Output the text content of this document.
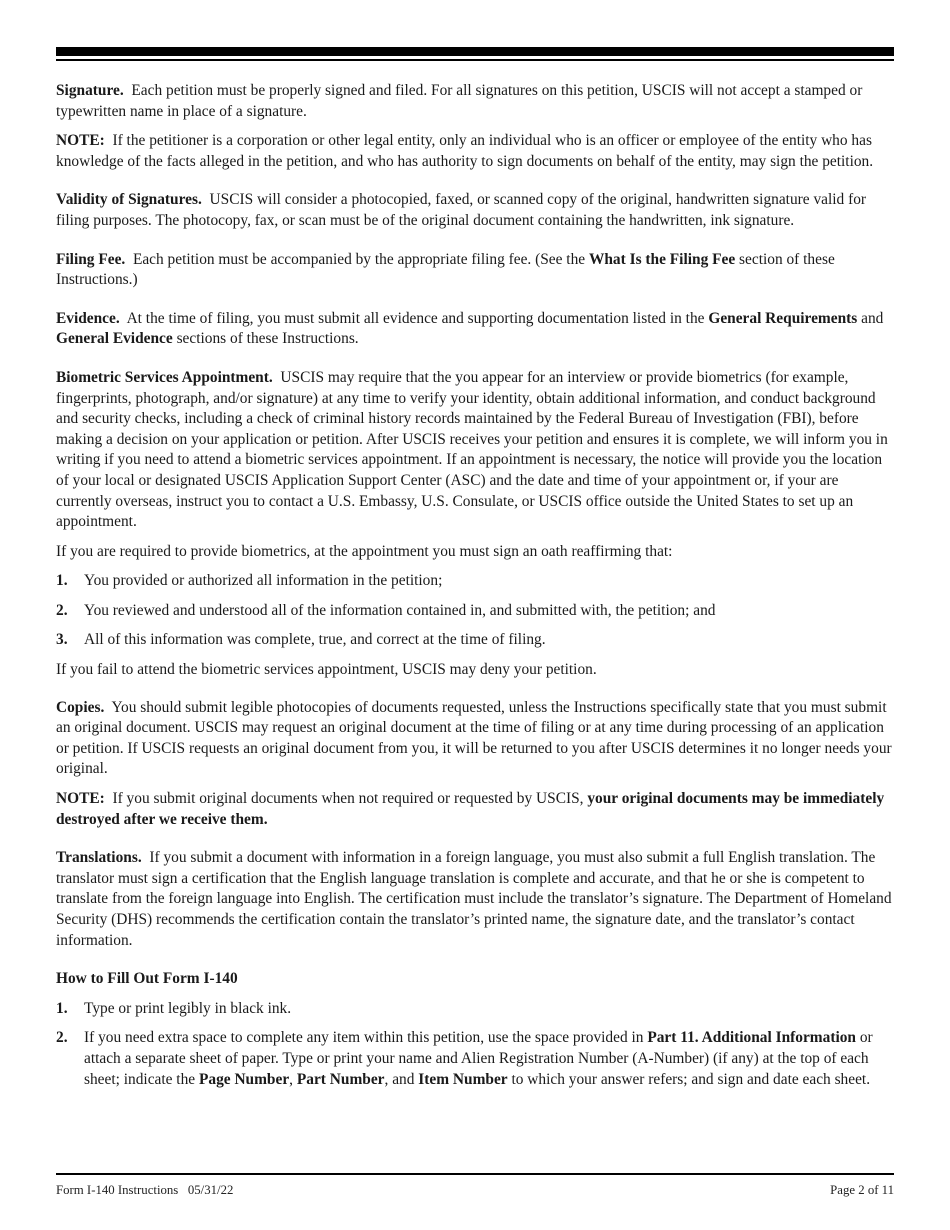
Signature. Each petition must be properly signed and filed. For all signatures on this petition, USCIS will not accept a stamped or typewritten name in place of a signature.

NOTE: If the petitioner is a corporation or other legal entity, only an individual who is an officer or employee of the entity who has knowledge of the facts alleged in the petition, and who has authority to sign documents on behalf of the entity, may sign the petition.

Validity of Signatures. USCIS will consider a photocopied, faxed, or scanned copy of the original, handwritten signature valid for filing purposes. The photocopy, fax, or scan must be of the original document containing the handwritten, ink signature.

Filing Fee. Each petition must be accompanied by the appropriate filing fee. (See the What Is the Filing Fee section of these Instructions.)

Evidence. At the time of filing, you must submit all evidence and supporting documentation listed in the General Requirements and General Evidence sections of these Instructions.

Biometric Services Appointment. USCIS may require that the you appear for an interview or provide biometrics (for example, fingerprints, photograph, and/or signature) at any time to verify your identity, obtain additional information, and conduct background and security checks, including a check of criminal history records maintained by the Federal Bureau of Investigation (FBI), before making a decision on your application or petition. After USCIS receives your petition and ensures it is complete, we will inform you in writing if you need to attend a biometric services appointment. If an appointment is necessary, the notice will provide you the location of your local or designated USCIS Application Support Center (ASC) and the date and time of your appointment or, if your are currently overseas, instruct you to contact a U.S. Embassy, U.S. Consulate, or USCIS office outside the United States to set up an appointment.

If you are required to provide biometrics, at the appointment you must sign an oath reaffirming that:

1.	You provided or authorized all information in the petition;
2.	You reviewed and understood all of the information contained in, and submitted with, the petition; and
3.	All of this information was complete, true, and correct at the time of filing.

If you fail to attend the biometric services appointment, USCIS may deny your petition.

Copies. You should submit legible photocopies of documents requested, unless the Instructions specifically state that you must submit an original document. USCIS may request an original document at the time of filing or at any time during processing of an application or petition. If USCIS requests an original document from you, it will be returned to you after USCIS determines it no longer needs your original.

NOTE: If you submit original documents when not required or requested by USCIS, your original documents may be immediately destroyed after we receive them.

Translations. If you submit a document with information in a foreign language, you must also submit a full English translation. The translator must sign a certification that the English language translation is complete and accurate, and that he or she is competent to translate from the foreign language into English. The certification must include the translator’s signature. The Department of Homeland Security (DHS) recommends the certification contain the translator’s printed name, the signature date, and the translator’s contact information.

How to Fill Out Form I-140

1.	Type or print legibly in black ink.
2.	If you need extra space to complete any item within this petition, use the space provided in Part 11. Additional Information or attach a separate sheet of paper. Type or print your name and Alien Registration Number (A-Number) (if any) at the top of each sheet; indicate the Page Number, Part Number, and Item Number to which your answer refers; and sign and date each sheet.
Form I-140 Instructions   05/31/22	Page 2 of 11
